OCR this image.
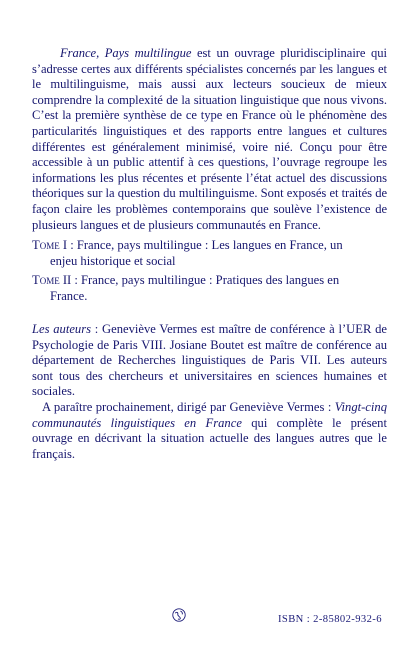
France, Pays multilingue est un ouvrage pluridisciplinaire qui s’adresse certes aux différents spécialistes concernés par les langues et le multilinguisme, mais aussi aux lecteurs soucieux de mieux comprendre la complexité de la situation linguistique que nous vivons. C’est la première synthèse de ce type en France où le phénomène des particularités linguistiques et des rapports entre langues et cultures différentes est généralement minimisé, voire nié. Conçu pour être accessible à un public attentif à ces questions, l’ouvrage regroupe les informations les plus récentes et présente l’état actuel des discussions théoriques sur la question du multilinguisme. Sont exposés et traités de façon claire les problèmes contemporains que soulève l’existence de plusieurs langues et de plusieurs communautés en France.

Tome I : France, pays multilingue : Les langues en France, un
enjeu historique et social
Tome II : France, pays multilingue : Pratiques des langues en
France.

Les auteurs : Geneviève Vermes est maître de conférence à l’UER de Psychologie de Paris VIII. Josiane Boutet est maître de conférence au département de Recherches linguistiques de Paris VII. Les auteurs sont tous des chercheurs et universitaires en sciences humaines et sociales.

A paraître prochainement, dirigé par Geneviève Vermes : Vingt-cinq communautés linguistiques en France qui complète le présent ouvrage en décrivant la situation actuelle des langues autres que le français.

ISBN : 2-85802-932-6
